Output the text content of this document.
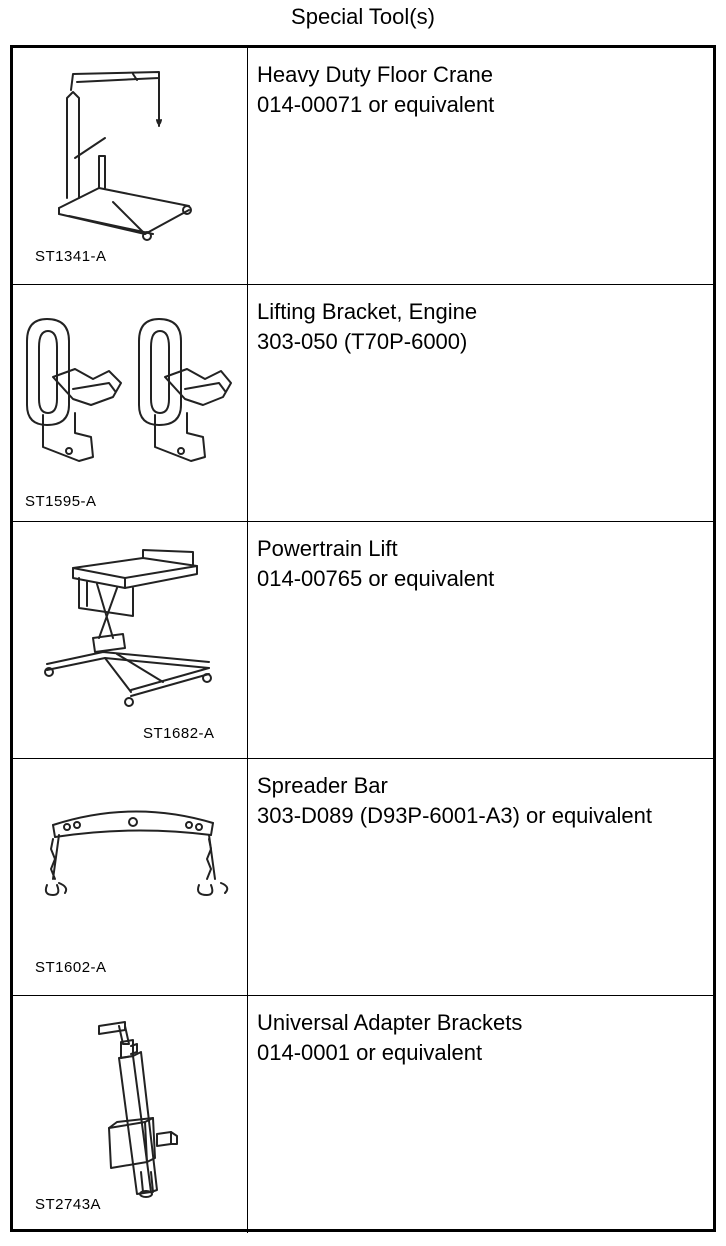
Special Tool(s)
ST1341-A
Heavy Duty Floor Crane
014-00071 or equivalent
ST1595-A
Lifting Bracket, Engine
303-050 (T70P-6000)
ST1682-A
Powertrain Lift
014-00765 or equivalent
ST1602-A
Spreader Bar
303-D089 (D93P-6001-A3) or equivalent
ST2743A
Universal Adapter Brackets
014-0001 or equivalent
